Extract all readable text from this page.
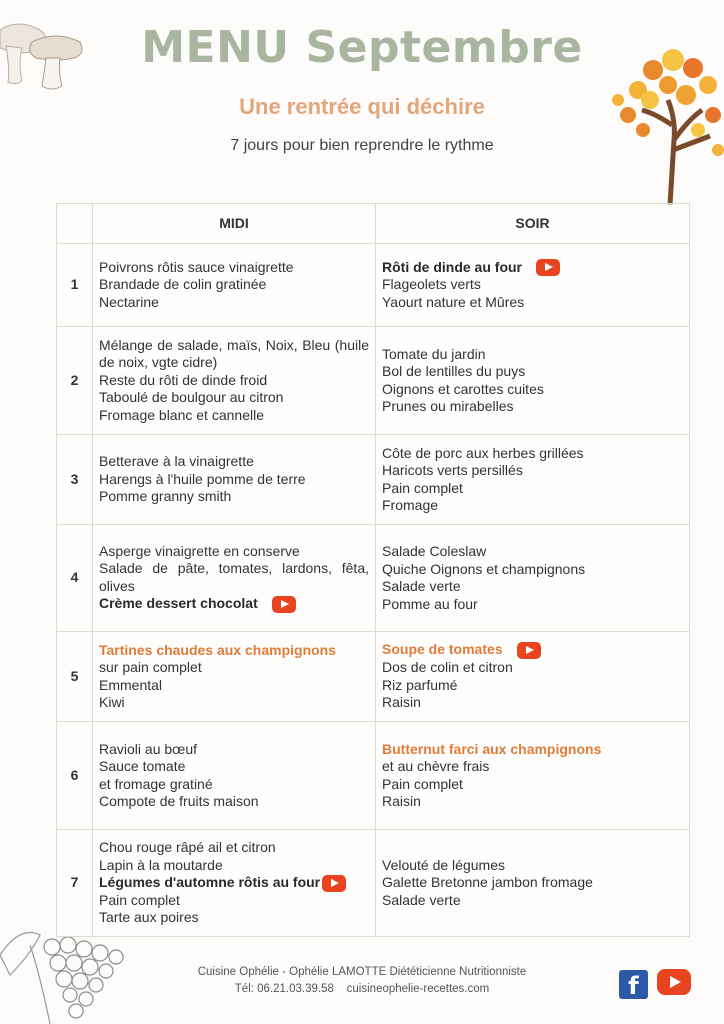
MENU Septembre
Une rentrée qui déchire
7 jours pour bien reprendre le rythme
	MIDI	SOIR
1	Poivrons rôtis sauce vinaigrette
Brandade de colin gratinée
Nectarine	Rôti de dinde au four
Flageolets verts
Yaourt nature et Mûres

2	Mélange de salade, maïs, Noix, Bleu (huile de noix, vgte cidre)
Reste du rôti de dinde froid
Taboulé de boulgour au citron
Fromage blanc et cannelle	Tomate du jardin
Bol de lentilles du puys
Oignons et carottes cuites
Prunes ou mirabelles

3	Betterave à la vinaigrette
Harengs à l'huile pomme de terre
Pomme granny smith	Côte de porc aux herbes grillées
Haricots verts persillés
Pain complet
Fromage

4	Asperge vinaigrette en conserve
Salade de pâte, tomates, lardons, fêta, olives
Crème dessert chocolat	Salade Coleslaw
Quiche Oignons et champignons
Salade verte
Pomme au four

5	Tartines chaudes aux champignons
sur pain complet
Emmental
Kiwi	Soupe de tomates
Dos de colin et citron
Riz parfumé
Raisin

6	Ravioli au bœuf
Sauce tomate
et fromage gratiné
Compote de fruits maison	Butternut farci aux champignons
et au chèvre frais
Pain complet
Raisin

7	Chou rouge râpé ail et citron
Lapin à la moutarde
Légumes d'automne rôtis au four
Pain complet
Tarte aux poires	Velouté de légumes
Galette Bretonne jambon fromage
Salade verte
Cuisine Ophélie - Ophélie LAMOTTE Diététicienne Nutritionniste
Tél: 06.21.03.39.58    cuisineophelie-recettes.com	f
